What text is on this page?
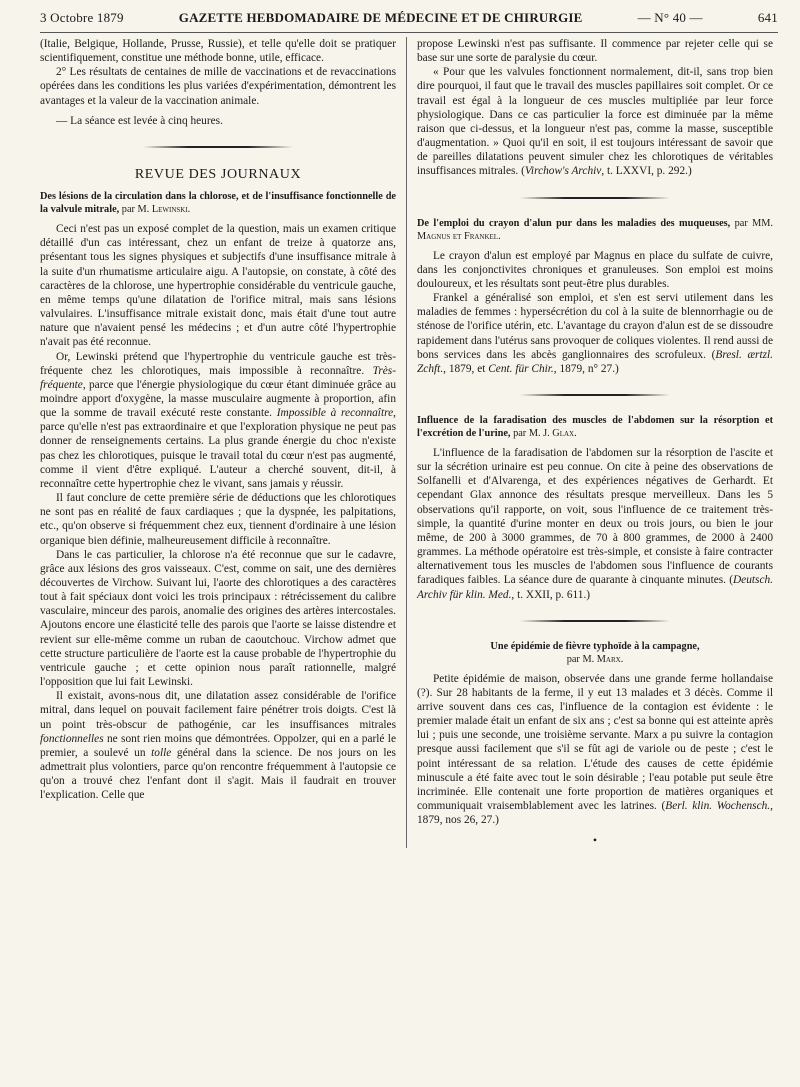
3 Octobre 1879	GAZETTE HEBDOMADAIRE DE MÉDECINE ET DE CHIRURGIE	— N° 40 —	641

(Italie, Belgique, Hollande, Prusse, Russie), et telle qu'elle doit se pratiquer scientifiquement, constitue une méthode bonne, utile, efficace.

2° Les résultats de centaines de mille de vaccinations et de revaccinations opérées dans les conditions les plus variées d'expérimentation, démontrent les avantages et la valeur de la vaccination animale.

— La séance est levée à cinq heures.

REVUE DES JOURNAUX
Des lésions de la circulation dans la chlorose, et de l'insuffisance fonctionnelle de la valvule mitrale, par M. Lewinski.

Ceci n'est pas un exposé complet de la question, mais un examen critique détaillé d'un cas intéressant, chez un enfant de treize à quatorze ans, présentant tous les signes physiques et subjectifs d'une insuffisance mitrale à la suite d'un rhumatisme articulaire aigu. A l'autopsie, on constate, à côté des caractères de la chlorose, une hypertrophie considérable du ventricule gauche, en même temps qu'une dilatation de l'orifice mitral, mais sans lésions valvulaires. L'insuffisance mitrale existait donc, mais était d'une tout autre nature que n'avaient pensé les médecins ; et d'un autre côté l'hypertrophie n'avait pas été reconnue.

Or, Lewinski prétend que l'hypertrophie du ventricule gauche est très-fréquente chez les chlorotiques, mais impossible à reconnaître. Très-fréquente, parce que l'énergie physiologique du cœur étant diminuée grâce au moindre apport d'oxygène, la masse musculaire augmente à proportion, afin que la somme de travail exécuté reste constante. Impossible à reconnaître, parce qu'elle n'est pas extraordinaire et que l'exploration physique ne peut pas donner de renseignements certains. La plus grande énergie du choc n'existe pas chez les chlorotiques, puisque le travail total du cœur n'est pas augmenté, comme il vient d'être expliqué. L'auteur a cherché souvent, dit-il, à reconnaître cette hypertrophie chez le vivant, sans jamais y réussir.

Il faut conclure de cette première série de déductions que les chlorotiques ne sont pas en réalité de faux cardiaques ; que la dyspnée, les palpitations, etc., qu'on observe si fréquemment chez eux, tiennent d'ordinaire à une lésion organique bien définie, malheureusement difficile à reconnaître.

Dans le cas particulier, la chlorose n'a été reconnue que sur le cadavre, grâce aux lésions des gros vaisseaux. C'est, comme on sait, une des dernières découvertes de Virchow. Suivant lui, l'aorte des chlorotiques a des caractères tout à fait spéciaux dont voici les trois principaux : rétrécissement du calibre vasculaire, minceur des parois, anomalie des origines des artères intercostales. Ajoutons encore une élasticité telle des parois que l'aorte se laisse distendre et revient sur elle-même comme un ruban de caoutchouc. Virchow admet que cette structure particulière de l'aorte est la cause probable de l'hypertrophie du ventricule gauche ; et cette opinion nous paraît rationnelle, malgré l'opposition que lui fait Lewinski.

Il existait, avons-nous dit, une dilatation assez considérable de l'orifice mitral, dans lequel on pouvait facilement faire pénétrer trois doigts. C'est là un point très-obscur de pathogénie, car les insuffisances mitrales fonctionnelles ne sont rien moins que démontrées. Oppolzer, qui en a parlé le premier, a soulevé un tolle général dans la science. De nos jours on les admettrait plus volontiers, parce qu'on rencontre fréquemment à l'autopsie ce qu'on a trouvé chez l'enfant dont il s'agit. Mais il faudrait en trouver l'explication. Celle que

propose Lewinski n'est pas suffisante. Il commence par rejeter celle qui se base sur une sorte de paralysie du cœur.

« Pour que les valvules fonctionnent normalement, dit-il, sans trop bien dire pourquoi, il faut que le travail des muscles papillaires soit complet. Or ce travail est égal à la longueur de ces muscles multipliée par leur force physiologique. Dans ce cas particulier la force est diminuée par la même raison que ci-dessus, et la longueur n'est pas, comme la masse, susceptible d'augmentation. » Quoi qu'il en soit, il est toujours intéressant de savoir que de pareilles dilatations peuvent simuler chez les chlorotiques de véritables insuffisances mitrales. (Virchow's Archiv, t. LXXVI, p. 292.)

De l'emploi du crayon d'alun pur dans les maladies des muqueuses, par MM. Magnus et Frankel.

Le crayon d'alun est employé par Magnus en place du sulfate de cuivre, dans les conjonctivites chroniques et granuleuses. Son emploi est moins douloureux, et les résultats sont peut-être plus durables.

Frankel a généralisé son emploi, et s'en est servi utilement dans les maladies de femmes : hypersécrétion du col à la suite de blennorrhagie ou de sténose de l'orifice utérin, etc. L'avantage du crayon d'alun est de se dissoudre rapidement dans l'utérus sans provoquer de coliques violentes. Il rend aussi de bons services dans les abcès ganglionnaires des scrofuleux. (Bresl. ærtzl. Zchft., 1879, et Cent. für Chir., 1879, n° 27.)

Influence de la faradisation des muscles de l'abdomen sur la résorption et l'excrétion de l'urine, par M. J. Glax.

L'influence de la faradisation de l'abdomen sur la résorption de l'ascite et sur la sécrétion urinaire est peu connue. On cite à peine des observations de Solfanelli et d'Alvarenga, et des expériences négatives de Gerhardt. Et cependant Glax annonce des résultats presque merveilleux. Dans les 5 observations qu'il rapporte, on voit, sous l'influence de ce traitement très-simple, la quantité d'urine monter en deux ou trois jours, ou bien le jour même, de 200 à 3000 grammes, de 70 à 800 grammes, de 2000 à 2400 grammes. La méthode opératoire est très-simple, et consiste à faire contracter alternativement tous les muscles de l'abdomen sous l'influence de courants faradiques faibles. La séance dure de quarante à cinquante minutes. (Deutsch. Archiv für klin. Med., t. XXII, p. 611.)

Une épidémie de fièvre typhoïde à la campagne,
par M. Marx.

Petite épidémie de maison, observée dans une grande ferme hollandaise (?). Sur 28 habitants de la ferme, il y eut 13 malades et 3 décès. Comme il arrive souvent dans ces cas, l'influence de la contagion est évidente : le premier malade était un enfant de six ans ; c'est sa bonne qui est atteinte après lui ; puis une seconde, une troisième servante. Marx a pu suivre la contagion presque aussi facilement que s'il se fût agi de variole ou de peste ; c'est le point intéressant de sa relation. L'étude des causes de cette épidémie minuscule a été faite avec tout le soin désirable ; l'eau potable put seule être incriminée. Elle contenait une forte proportion de matières organiques et communiquait vraisemblablement avec les latrines. (Berl. klin. Wochensch., 1879, nos 26, 27.)

•
